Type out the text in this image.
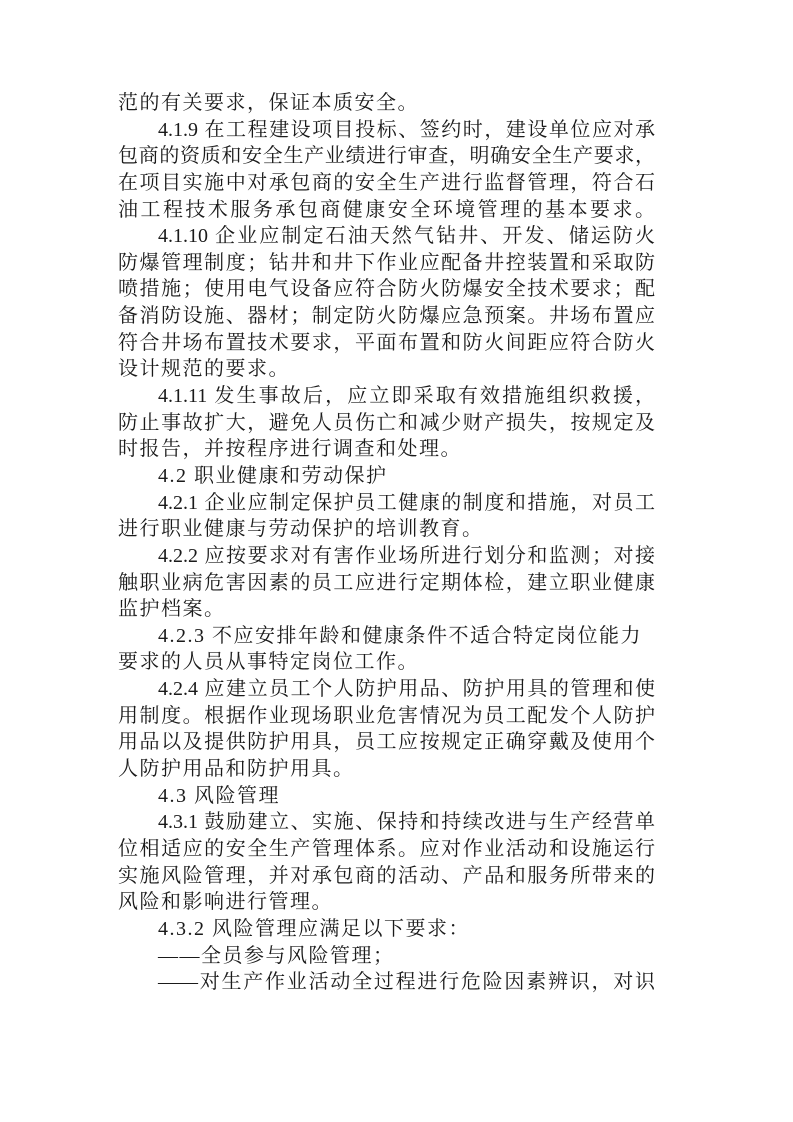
范的有关要求，保证本质安全。
4.1.9 在工程建设项目投标、签约时，建设单位应对承
包商的资质和安全生产业绩进行审查，明确安全生产要求，
在项目实施中对承包商的安全生产进行监督管理，符合石
油工程技术服务承包商健康安全环境管理的基本要求。
4.1.10 企业应制定石油天然气钻井、开发、储运防火
防爆管理制度；钻井和井下作业应配备井控装置和采取防
喷措施；使用电气设备应符合防火防爆安全技术要求；配
备消防设施、器材；制定防火防爆应急预案。井场布置应
符合井场布置技术要求，平面布置和防火间距应符合防火
设计规范的要求。
4.1.11 发生事故后，应立即采取有效措施组织救援，
防止事故扩大，避免人员伤亡和减少财产损失，按规定及
时报告，并按程序进行调查和处理。
4.2 职业健康和劳动保护
4.2.1 企业应制定保护员工健康的制度和措施，对员工
进行职业健康与劳动保护的培训教育。
4.2.2 应按要求对有害作业场所进行划分和监测；对接
触职业病危害因素的员工应进行定期体检，建立职业健康
监护档案。
4.2.3 不应安排年龄和健康条件不适合特定岗位能力
要求的人员从事特定岗位工作。
4.2.4 应建立员工个人防护用品、防护用具的管理和使
用制度。根据作业现场职业危害情况为员工配发个人防护
用品以及提供防护用具，员工应按规定正确穿戴及使用个
人防护用品和防护用具。
4.3 风险管理
4.3.1 鼓励建立、实施、保持和持续改进与生产经营单
位相适应的安全生产管理体系。应对作业活动和设施运行
实施风险管理，并对承包商的活动、产品和服务所带来的
风险和影响进行管理。
4.3.2 风险管理应满足以下要求：
——全员参与风险管理；
——对生产作业活动全过程进行危险因素辨识，对识
